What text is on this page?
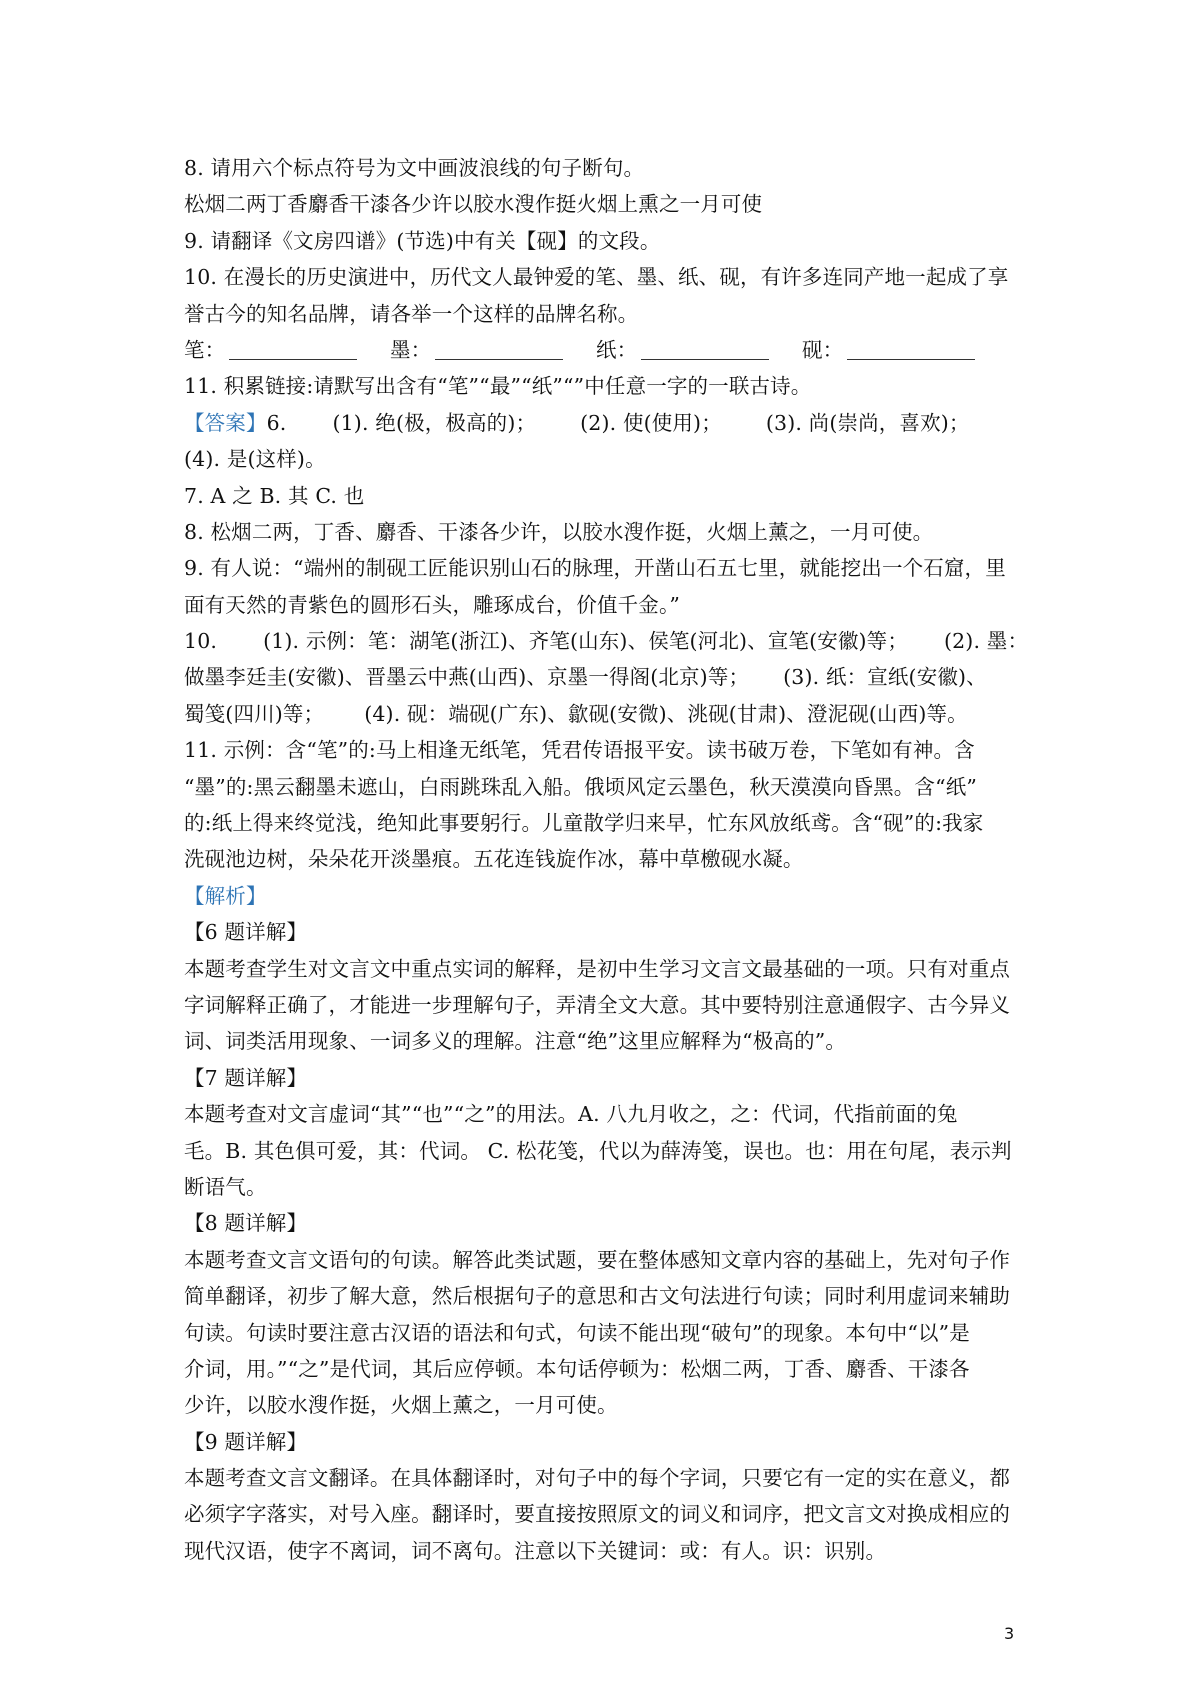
8. 请用六个标点符号为文中画波浪线的句子断句。
松烟二两丁香麝香干漆各少许以胶水溲作挺火烟上熏之一月可使
9. 请翻译《文房四谱》(节选)中有关【砚】的文段。
10. 在漫长的历史演进中，历代文人最钟爱的笔、墨、纸、砚，有许多连同产地一起成了享
誉古今的知名品牌，请各举一个这样的品牌名称。
笔：	墨：	纸：	砚：
11. 积累链接:请默写出含有“笔”“最”“纸”“”中任意一字的一联古诗。
【答案】6. (1). 绝(极，极高的)； (2). 使(使用)； (3). 尚(崇尚，喜欢)；
(4). 是(这样)。
7. A 之 B. 其 C. 也
8. 松烟二两，丁香、麝香、干漆各少许，以胶水溲作挺，火烟上薰之，一月可使。
9. 有人说：“端州的制砚工匠能识别山石的脉理，开凿山石五七里，就能挖出一个石窟，里
面有天然的青紫色的圆形石头，雕琢成台，价值千金。”
10. (1). 示例：笔：湖笔(浙江)、齐笔(山东)、侯笔(河北)、宣笔(安徽)等； (2). 墨：
做墨李廷圭(安徽)、晋墨云中燕(山西)、京墨一得阁(北京)等； (3). 纸：宣纸(安徽)、
蜀笺(四川)等； (4). 砚：端砚(广东)、歙砚(安微)、洮砚(甘肃)、澄泥砚(山西)等。
11. 示例：含“笔”的:马上相逢无纸笔，凭君传语报平安。读书破万卷，下笔如有神。含
“墨”的:黑云翻墨未遮山，白雨跳珠乱入船。俄顷风定云墨色，秋天漠漠向昏黑。含“纸”
的:纸上得来终觉浅，绝知此事要躬行。儿童散学归来早，忙东风放纸鸢。含“砚”的:我家
洗砚池边树，朵朵花开淡墨痕。五花连钱旋作冰，幕中草檄砚水凝。
【解析】
【6 题详解】
本题考查学生对文言文中重点实词的解释，是初中生学习文言文最基础的一项。只有对重点
字词解释正确了，才能进一步理解句子，弄清全文大意。其中要特别注意通假字、古今异义
词、词类活用现象、一词多义的理解。注意“绝”这里应解释为“极高的”。
【7 题详解】
本题考查对文言虚词“其”“也”“之”的用法。A. 八九月收之，之：代词，代指前面的兔
毛。B. 其色俱可爱，其：代词。 C. 松花笺，代以为薛涛笺，误也。也：用在句尾，表示判
断语气。
【8 题详解】
本题考查文言文语句的句读。解答此类试题，要在整体感知文章内容的基础上，先对句子作
简单翻译，初步了解大意，然后根据句子的意思和古文句法进行句读；同时利用虚词来辅助
句读。句读时要注意古汉语的语法和句式，句读不能出现“破句”的现象。本句中“以”是
介词，用。”“之”是代词，其后应停顿。本句话停顿为：松烟二两，丁香、麝香、干漆各
少许，以胶水溲作挺，火烟上薰之，一月可使。
【9 题详解】
本题考查文言文翻译。在具体翻译时，对句子中的每个字词，只要它有一定的实在意义，都
必须字字落实，对号入座。翻译时，要直接按照原文的词义和词序，把文言文对换成相应的
现代汉语，使字不离词，词不离句。注意以下关键词：或：有人。识：识别。
3
